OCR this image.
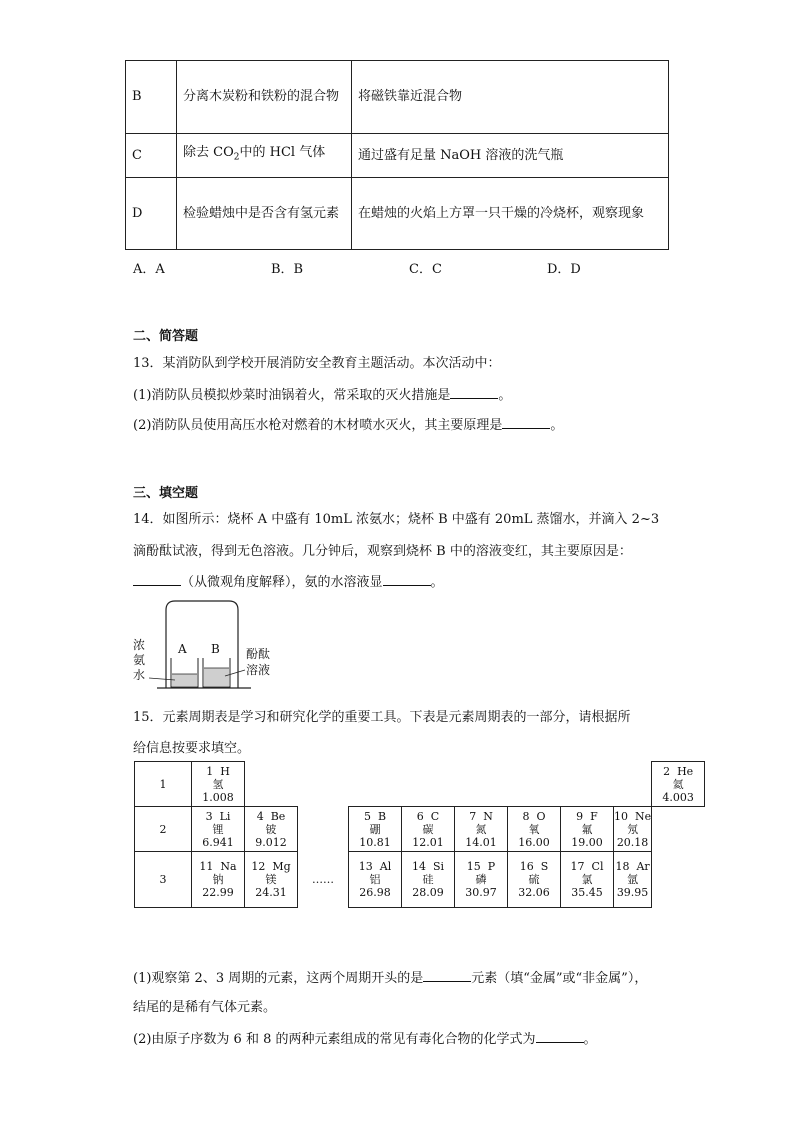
B	分离木炭粉和铁粉的混合物	将磁铁靠近混合物
C	除去 $CO_2$中的 HCl 气体	通过盛有足量 NaOH 溶液的洗气瓶
D	检验蜡烛中是否含有氢元素	在蜡烛的火焰上方罩一只干燥的冷烧杯，观察现象
A．A	B．B	C．C	D．D
二、简答题
13．某消防队到学校开展消防安全教育主题活动。本次活动中：
(1)消防队员模拟炒菜时油锅着火，常采取的灭火措施是	。
(2)消防队员使用高压水枪对燃着的木材喷水灭火，其主要原理是	。
三、填空题
14．如图所示：烧杯 A 中盛有 10mL 浓氨水；烧杯 B 中盛有 20mL 蒸馏水，并滴入 2~3
滴酚酞试液，得到无色溶液。几分钟后，观察到烧杯 B 中的溶液变红，其主要原因是：
（从微观角度解释），氨的水溶液显	。
浓
氨
水
A B 酚酞
溶液
15．元素周期表是学习和研究化学的重要工具。下表是元素周期表的一部分，请根据所
给信息按要求填空。
1	1 H
氢
1.008									2 He
氦
4.003

2	3 Li
锂
6.941	4 Be
铍
9.012		5 B
硼
10.81	6 C
碳
12.01	7 N
氮
14.01	8 O
氧
16.00	9 F
氟
19.00	10 Ne
氖
20.18	

3	11 Na
钠
22.99	12 Mg
镁
24.31	……	13 Al
铝
26.98	14 Si
硅
28.09	15 P
磷
30.97	16 S
硫
32.06	17 Cl
氯
35.45	18 Ar
氩
39.95	
(1)观察第 2、3 周期的元素，这两个周期开头的是	元素（填“金属”或“非金属”），
结尾的是稀有气体元素。
(2)由原子序数为 6 和 8 的两种元素组成的常见有毒化合物的化学式为	。
